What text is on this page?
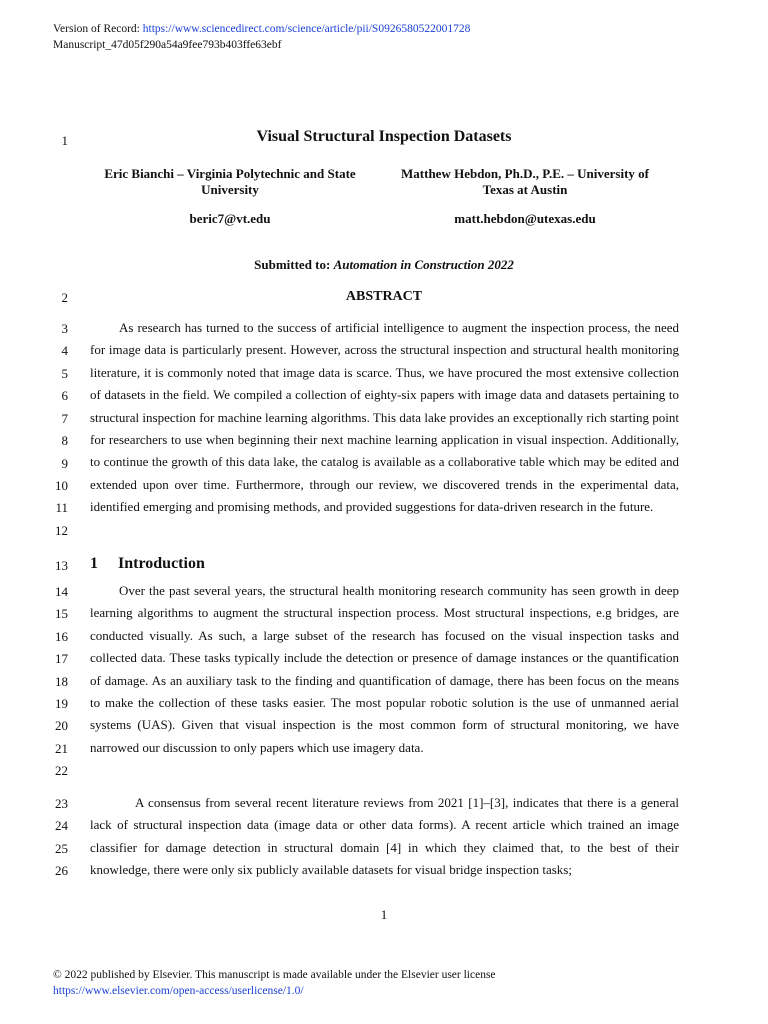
Version of Record: https://www.sciencedirect.com/science/article/pii/S0926580522001728
Manuscript_47d05f290a54a9fee793b403ffe63ebf
1
2
3
4
5
6
7
8
9
10
11
12
13
14
15
16
17
18
19
20
21
22
23
24
25
26
Visual Structural Inspection Datasets
Eric Bianchi – Virginia Polytechnic and State University
Matthew Hebdon, Ph.D., P.E. – University of Texas at Austin
beric7@vt.edu	matt.hebdon@utexas.edu
Submitted to: Automation in Construction 2022
ABSTRACT

As research has turned to the success of artificial intelligence to augment the inspection process, the need for image data is particularly present. However, across the structural inspection and structural health monitoring literature, it is commonly noted that image data is scarce. Thus, we have procured the most extensive collection of datasets in the field. We compiled a collection of eighty-six papers with image data and datasets pertaining to structural inspection for machine learning algorithms. This data lake provides an exceptionally rich starting point for researchers to use when beginning their next machine learning application in visual inspection. Additionally, to continue the growth of this data lake, the catalog is available as a collaborative table which may be edited and extended upon over time. Furthermore, through our review, we discovered trends in the experimental data, identified emerging and promising methods, and provided suggestions for data-driven research in the future.

1 Introduction

Over the past several years, the structural health monitoring research community has seen growth in deep learning algorithms to augment the structural inspection process. Most structural inspections, e.g bridges, are conducted visually. As such, a large subset of the research has focused on the visual inspection tasks and collected data. These tasks typically include the detection or presence of damage instances or the quantification of damage. As an auxiliary task to the finding and quantification of damage, there has been focus on the means to make the collection of these tasks easier. The most popular robotic solution is the use of unmanned aerial systems (UAS). Given that visual inspection is the most common form of structural monitoring, we have narrowed our discussion to only papers which use imagery data.

A consensus from several recent literature reviews from 2021 [1]–[3], indicates that there is a general lack of structural inspection data (image data or other data forms). A recent article which trained an image classifier for damage detection in structural domain [4] in which they claimed that, to the best of their knowledge, there were only six publicly available datasets for visual bridge inspection tasks;

1
© 2022 published by Elsevier. This manuscript is made available under the Elsevier user license
https://www.elsevier.com/open-access/userlicense/1.0/
